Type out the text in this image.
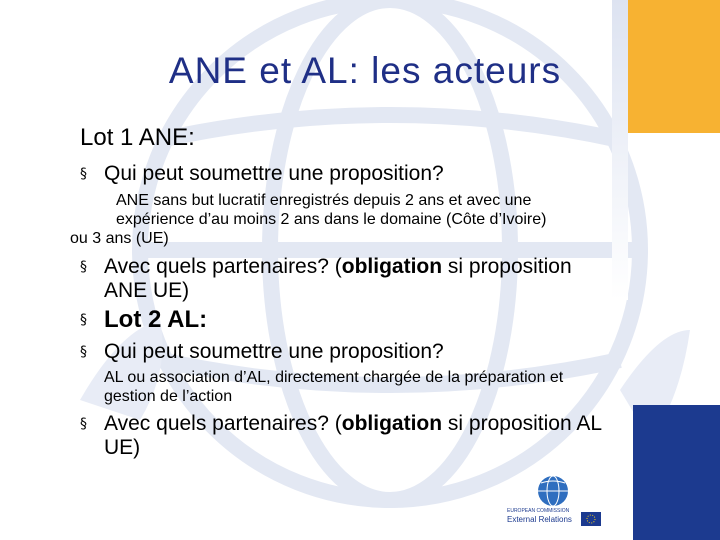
ANE et AL: les acteurs
Lot 1 ANE:
§ Qui peut soumettre une proposition?
ANE sans but lucratif enregistrés depuis 2 ans et avec une
expérience d’au moins 2 ans dans le domaine (Côte d’Ivoire)
ou 3 ans (UE)
§ Avec quels partenaires? (obligation si proposition
ANE UE)
§ Lot 2 AL:
§ Qui peut soumettre une proposition?
AL ou association d’AL, directement chargée de la préparation et
gestion de l’action
§ Avec quels partenaires? (obligation si proposition AL
UE)
EUROPEAN COMMISSION
External Relations
